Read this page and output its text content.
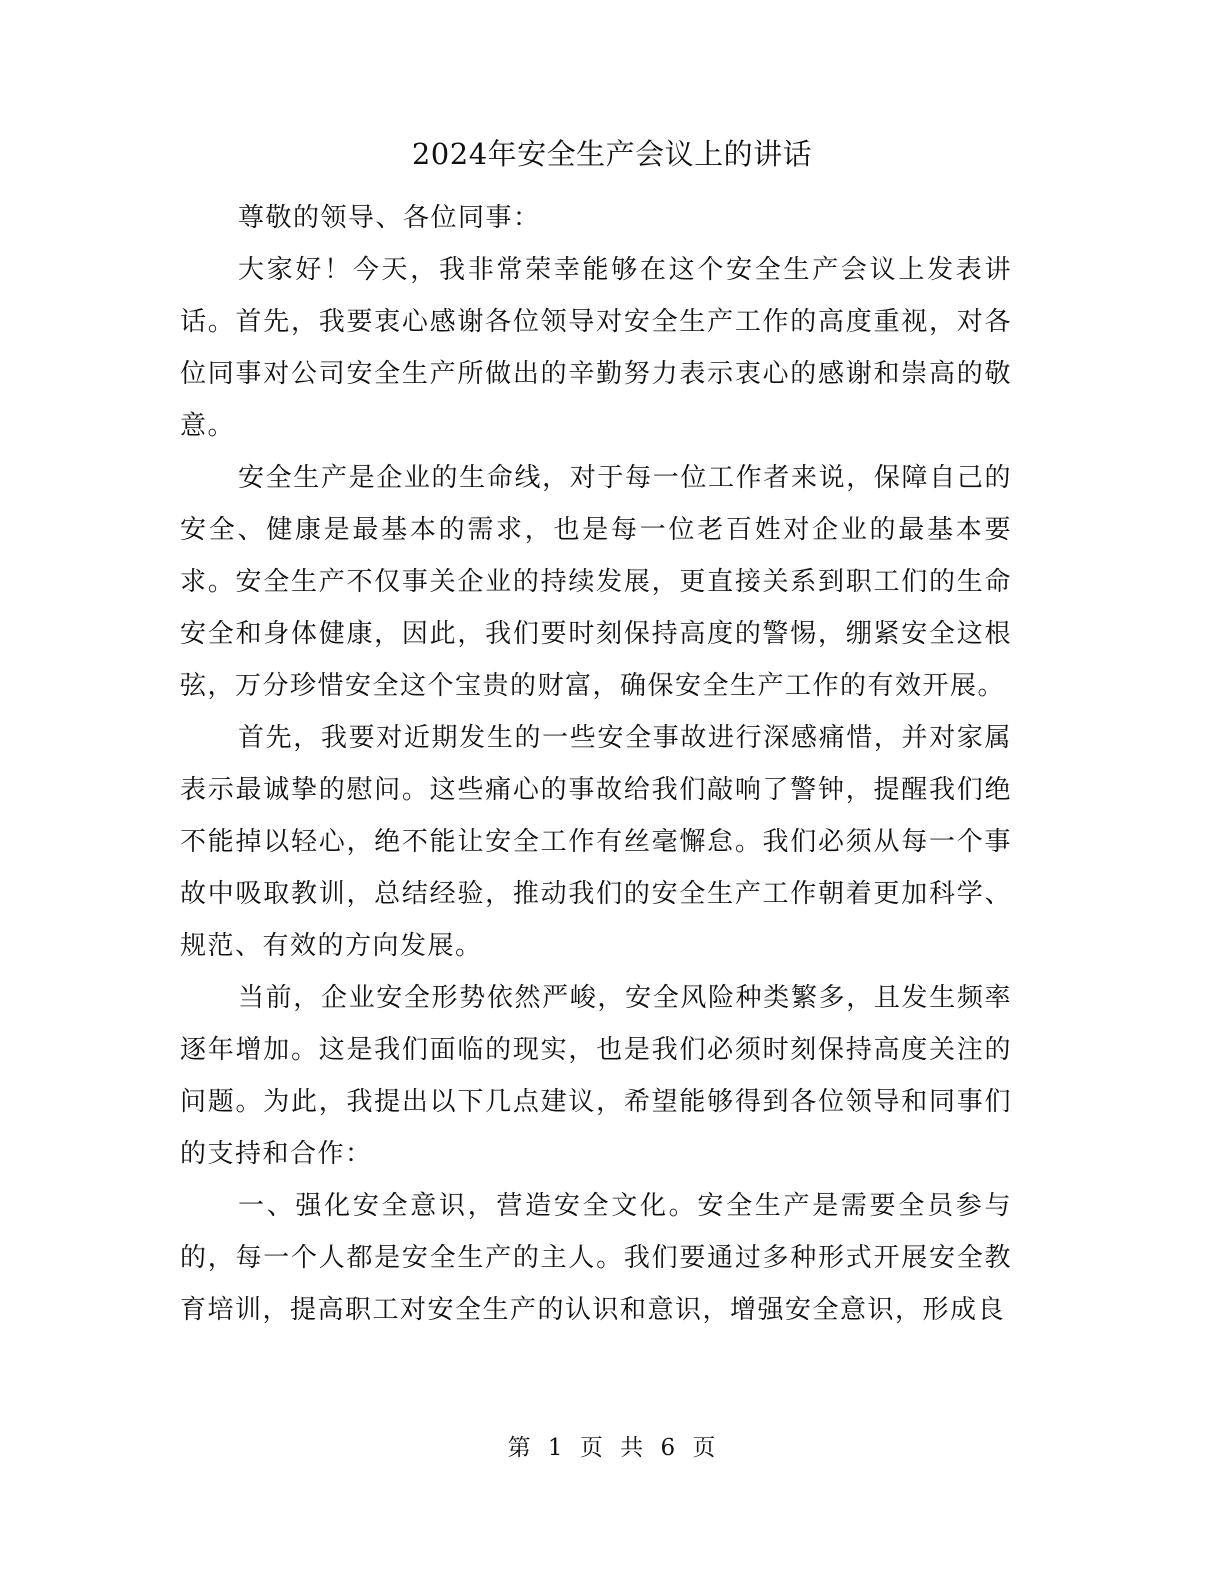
2024年安全生产会议上的讲话

尊敬的领导、各位同事：

大家好！今天，我非常荣幸能够在这个安全生产会议上发表讲话。首先，我要衷心感谢各位领导对安全生产工作的高度重视，对各位同事对公司安全生产所做出的辛勤努力表示衷心的感谢和崇高的敬意。

安全生产是企业的生命线，对于每一位工作者来说，保障自己的安全、健康是最基本的需求，也是每一位老百姓对企业的最基本要求。安全生产不仅事关企业的持续发展，更直接关系到职工们的生命安全和身体健康，因此，我们要时刻保持高度的警惕，绷紧安全这根弦，万分珍惜安全这个宝贵的财富，确保安全生产工作的有效开展。

首先，我要对近期发生的一些安全事故进行深感痛惜，并对家属表示最诚挚的慰问。这些痛心的事故给我们敲响了警钟，提醒我们绝不能掉以轻心，绝不能让安全工作有丝毫懈怠。我们必须从每一个事故中吸取教训，总结经验，推动我们的安全生产工作朝着更加科学、规范、有效的方向发展。

当前，企业安全形势依然严峻，安全风险种类繁多，且发生频率逐年增加。这是我们面临的现实，也是我们必须时刻保持高度关注的问题。为此，我提出以下几点建议，希望能够得到各位领导和同事们的支持和合作：

一、强化安全意识，营造安全文化。安全生产是需要全员参与的，每一个人都是安全生产的主人。我们要通过多种形式开展安全教育培训，提高职工对安全生产的认识和意识，增强安全意识，形成良

第 1 页 共 6 页
